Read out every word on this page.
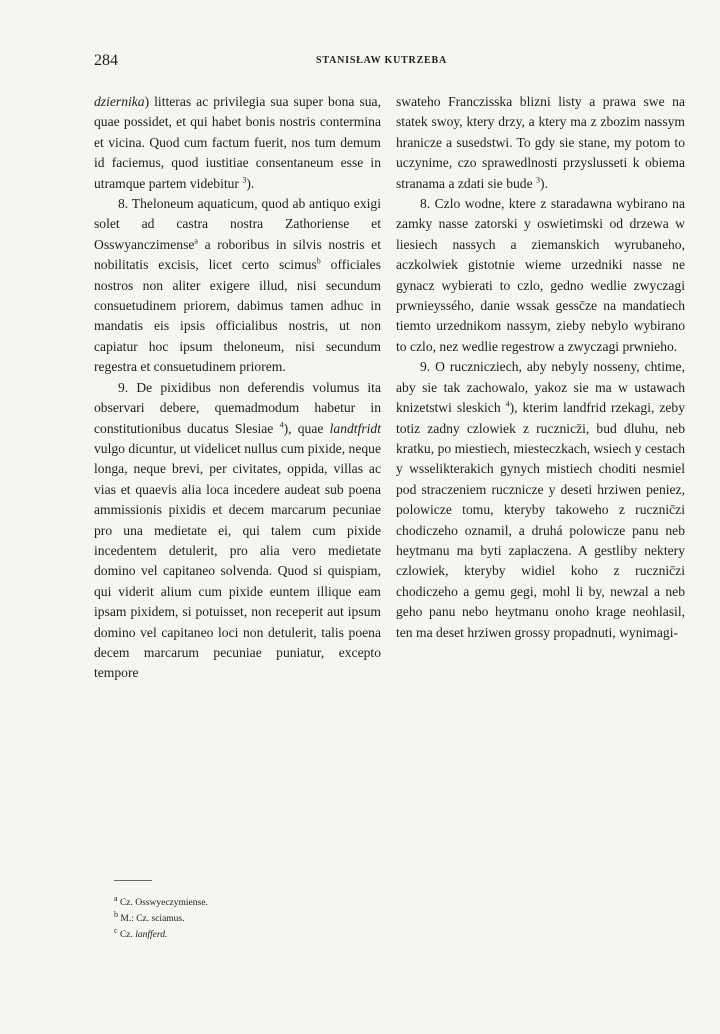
284	STANISŁAW KUTRZEBA

dziernika) litteras ac privilegia sua super bona sua, quae possidet, et qui habet bonis nostris contermina et vicina. Quod cum factum fuerit, nos tum demum id faciemus, quod iustitiae consentaneum esse in utramque partem videbitur $^3$).

8. Theloneum aquaticum, quod ab antiquo exigi solet ad castra nostra Zathoriense et Osswyanczimense$^a$ a roboribus in silvis nostris et nobilitatis excisis, licet certo scimus$^b$ officiales nostros non aliter exigere illud, nisi secundum consuetudinem priorem, dabimus tamen adhuc in mandatis eis ipsis officialibus nostris, ut non capiatur hoc ipsum theloneum, nisi secundum regestra et consuetudinem priorem.

9. De pixidibus non deferendis volumus ita observari debere, quemadmodum habetur in constitutionibus ducatus Slesiae $^4$), quae landtfridt vulgo dicuntur, ut videlicet nullus cum pixide, neque longa, neque brevi, per civitates, oppida, villas ac vias et quaevis alia loca incedere audeat sub poena ammissionis pixidis et decem marcarum pecuniae pro una medietate ei, qui talem cum pixide incedentem detulerit, pro alia vero medietate domino vel capitaneo solvenda. Quod si quispiam, qui viderit alium cum pixide euntem illique eam ipsam pixidem, si potuisset, non receperit aut ipsum domino vel capitaneo loci non detulerit, talis poena decem marcarum pecuniae puniatur, excepto tempore

swateho Franczisska blizni listy a prawa swe na statek swoy, ktery drzy, a ktery ma z zbozim nassym hranicze a susedstwi. To gdy sie stane, my potom to uczynime, czo sprawedlnosti przyslusseti k obiema stranama a zdati sie bude $^3$).

8. Czlo wodne, ktere z staradawna wybirano na zamky nasse zatorski y oswietimski od drzewa w liesiech nassych a ziemanskich wyrubaneho, aczkolwiek gistotnie wieme urzedniki nasse ne gynacz wybierati to czlo, gedno wedlie zwyczagi prwnieyssého, danie wssak gessc̄ze na mandatiech tiemto urzednikom nassym, zieby nebylo wybirano to czlo, nez wedlie regestrow a zwyczagi prwnieho.

9. O rucznicziech, aby nebyly nosseny, chtime, aby sie tak zachowalo, yakoz sie ma w ustawach knizetstwi sleskich $^4$), kterim landfrid rzekagi, zeby totiz zadny czlowiek z rucznicz̄i, bud dluhu, neb kratku, po miestiech, miesteczkach, wsiech y cestach y wsselikterakich gynych mistiech choditi nesmiel pod straczeniem rucznicze y deseti hrziwen peniez, polowicze tomu, kteryby takoweho z rucznic̄zi chodiczeho oznamil, a druhá polowicze panu neb heytmanu ma byti zaplaczena. A gestliby nektery czlowiek, kteryby widiel koho z rucznic̄zi chodiczeho a gemu gegi, mohl li by, newzal a neb geho panu nebo heytmanu onoho krage neohlasil, ten ma deset hrziwen grossy propadnuti, wynimagi-

$^a$ Cz. Osswyeczymiense.

$^b$ M.: Cz. sciamus.

$^c$ Cz. lanfferd.
